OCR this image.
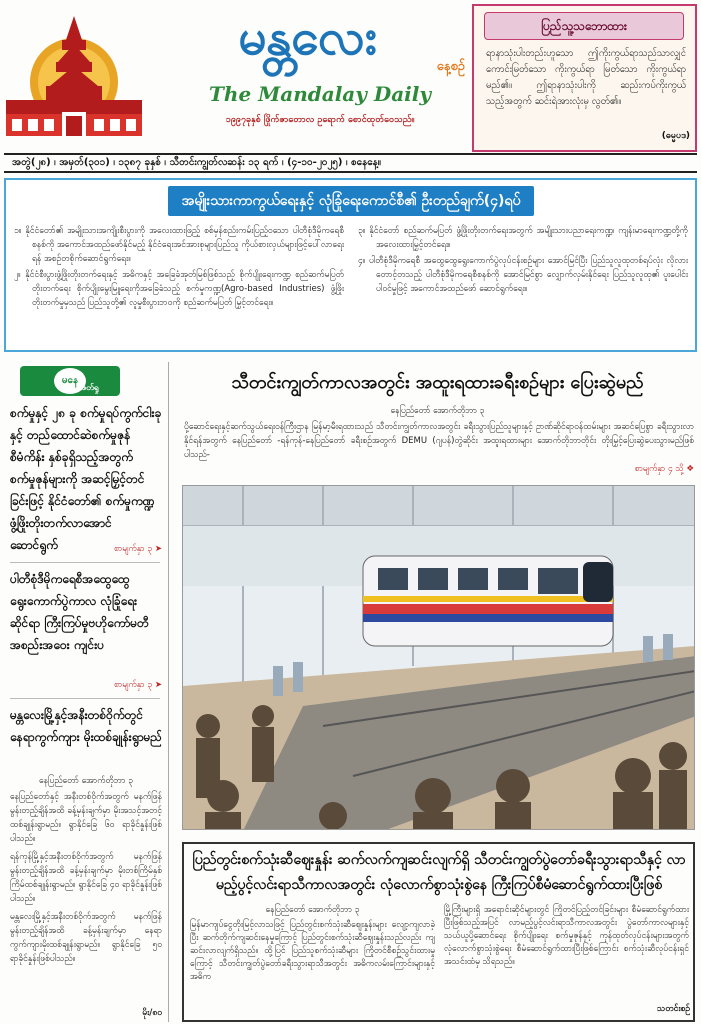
မန္တလေး
နေ့စဉ်
The Mandalay Daily
၁၉၉၇ခုနှစ် ဖြိုက်ဇာတောလ ဥရောက် စောင်ထုတ်ဝေသည်။
ပြည်သူ့သဘောထား
ရာနာသုံးပါးတည်းဟူသော ဤကိုးကွယ်ရာသည်သာလျှင် ကောင်းမြတ်သော ကိုးကွယ်ရာ မြတ်သော ကိုးကွယ်ရာမည်၏။ ဤရာနာသုံးပါးကို ဆည်းကပ်ကိုးကွယ်သည့်အတွက် ဆင်းရဲအားလုံးမှ လွတ်၏။
(ဓမ္မပဒ)
အတွဲ(၂၈) ၊ အမှတ်(၃၀၁) ၊ ၁၃၈၇ ခုနှစ် ၊ သီတင်းကျွတ်လဆန်း ၁၃ ရက် ၊ (၄-၁၀-၂၀၂၅) ၊ စနေနေ့။
အမျိုးသားကာကွယ်ရေးနှင့် လုံခြုံရေးကောင်စီ၏ ဦးတည်ချက်(၄)ရပ်

၁။ နိုင်ငံတော်၏ အမျိုးသားအကျိုးစီးပွားကို အလေးထားဖြည့် စစ်မှန်စည်းကမ်းပြည့်ဝသော ပါတီစုံဒီမိုကရေစီစနစ်ကို အကောင်အထည်ဖော်နိုင်မည့် နိုင်ငံရေးအင်အားစုများပြည်သူ ကိုယ်စားလှယ်များဖြင့်ပေါ်လာရေးရန် အစဉ်တစိုက်ဆောင်ရွက်ရေး။

၂။ နိုင်ငံစီးပွားဖွံ့ဖြိုးတိုးတက်ရေးနှင့် အဓိကနှင့် အခြေခံအုတ်မြစ်ဖြစ်သည့် စိုက်ပျိုးရေးကဏ္ဍ စည်ဆက်မပြတ်တိုးတက်ရေး စိုက်ပျိုးမွေးမြူရေးကိုအခြေခံသည့် စက်မှုကဏ္ဍ(Agro-based Industries) ဖွံ့ဖြိုးတိုးတက်မှုမှသည် ပြည်သူတို့၏ လူမှုစီးပွားဘဝကို စည်ဆက်မပြတ် မြှင့်တင်ရေး။

၃။ နိုင်ငံတော် စည်ဆက်မပြတ် ဖွံ့ဖြိုးတိုးတက်ရေးအတွက် အမျိုးသားပညာရေးကဏ္ဍ၊ ကျန်းမာရေးကဏ္ဍတို့ကို အလေးထားမြှင့်တင်ရေး။

၄။ ပါတီစုံဒီမိုကရေစီ အထွေထွေရွေးကောက်ပွဲလုပ်ငန်းစဉ်များ အောင်မြင်ပြီး ပြည်သူလူထုတစ်ရပ်လုံး လိုလားတောင့်တသည့် ပါတီစုံဒီမိုကရေစီစနစ်ကို အောင်မြင်စွာ လျှောက်လှမ်းနိုင်ရေး ပြည်သူလူထု၏ ပူးပေါင်းပါဝင်မှုဖြင့် အကောင်အထည်ဖော် ဆောင်ရွက်ရေး။

မနေ
ဖတ်ရှု
စက်မှုနှင့် ၂၈ ခု စက်မှုရပ်ကွက်ငါးခုနှင့် တည်ထောင်ဆဲစက်မှုဇုန်စီမံကိန်း နှစ်ခုရှိသည့်အတွက် စက်မှုဇုန်များကို အဆင့်မြှင့်တင်ခြင်းဖြင့် နိုင်ငံတော်၏ စက်မှုကဏ္ဍ ဖွံ့ဖြိုးတိုးတက်လာအောင် ဆောင်ရွက်	စာမျက်နှာ ၃ ➤
ပါတီစုံဒီမိုကရေစီအထွေထွေ ရွေးကောက်ပွဲကာလ လုံခြုံရေးဆိုင်ရာ ကြီးကြပ်မှုဗဟိုကော်မတီ အစည်းအဝေး ကျင်းပ
စာမျက်နှာ ၃ ➤
မန္တလေးမြို့နှင့်အနီးတစ်ဝိုက်တွင် နေရာကွက်ကျား မိုးထစ်ချုန်းရွာမည်
နေပြည်တော် အောက်တိုဘာ ၃

နေပြည်တော်နှင့် အနီးတစ်ဝိုက်အတွက် မနက်ဖြန်မွန်းတည့်ချိန်အထိ ခန့်မှန်းချက်မှာ မိုးအသင့်အတင့်ထစ်ချုန်းရွာမည်။ ရွာနိုင်ခြေ ၆၀ ရာခိုင်နှုန်းဖြစ်ပါသည်။

ရန်ကုန်မြို့နှင့်အနီးတစ်ဝိုက်အတွက် မနက်ဖြန်မွန်းတည့်ချိန်အထိ ခန့်မှန်းချက်မှာ မိုးတစ်ကြိမ်နှစ်ကြိမ်ထစ်ချုန်းရွာမည်။ ရွာနိုင်ခြေ ၄၀ ရာခိုင်နှုန်းဖြစ်ပါသည်။

မန္တလေးမြို့နှင့်အနီးတစ်ဝိုက်အတွက် မနက်ဖြန်မွန်းတည့်ချိန်အထိ ခန့်မှန်းချက်မှာ နေရာကွက်ကျားမိုးထစ်ချုန်းရွာမည်။ ရွာနိုင်ခြေ ၅၀ ရာခိုင်နှုန်းဖြစ်ပါသည်။

မိုး/၈၀
သီတင်းကျွတ်ကာလအတွင်း အထူးရထားခရီးစဉ်များ ပြေးဆွဲမည်
နေပြည်တော် အောက်တိုဘာ ၃
ပို့ဆောင်ရေးနှင့်ဆက်သွယ်ရေးဝန်ကြီးဌာန မြန်မာ့မီးရထားသည် သီတင်းကျွတ်ကာလအတွင်း ခရီးသွားပြည်သူများနှင့် ဥာဏ်ဆိုင်ရာဝန်ထမ်းများ အဆင်ပြေစွာ ခရီးသွားလာနိုင်ရန်အတွက် နေပြည်တော် -ရန်ကုန်-နေပြည်တော် ခရီးစဉ်အတွက် DEMU (ဂျပန်)တွဲဆိုင်း အထူးရထားများ အောက်တိုဘာတိုင်း တိုးမြှင့်ပြေးဆွဲပေးသွားမည်ဖြစ်ပါသည်-
စာမျက်နှာ ၄ သို့ ❖
ပြည်တွင်းစက်သုံးဆီဈေးနှုန်း ဆက်လက်ကျဆင်းလျက်ရှိ သီတင်းကျွတ်ပွဲတော်ခရီးသွားရာသီနှင့် လာမည့်ပွင့်လင်းရာသီကာလအတွင်း လုံလောက်စွာသုံးစွဲနေ ကြီးကြပ်စီမံဆောင်ရွက်ထားပြီးဖြစ်

နေပြည်တော် အောက်တိုဘာ ၃

မြန်မာကျပ်ငွေတိုးမြင့်လာသဖြင့် ပြည်တွင်းစက်သုံးဆီဈေးနှုန်းများ လျော့ကျလာခဲ့ပြီး ဆက်တိုက်ကျဆင်းနေမှုကြောင့် ပြည်တွင်းစက်သုံးဆီဈေးနှုန်းသည်လည်း ကျဆင်းလာလျက်ရှိသည်။ ထို့ပြင် ပြည်သူစက်သုံးဆီများ ကြိုတင်စီစဉ်သွင်းထားမှုကြောင့် သီတင်းကျွတ်ပွဲတော်ခရီးသွားရာသီအတွင်း အဓိကလမ်းကြောင်းများနှင့် အဓိက

မြို့ကြီးများရှိ အရောင်းဆိုင်များတွင် ကြိုတင်ပြည့်တင်ခြင်းများ စီမံဆောင်ရွက်ထားပြီးဖြစ်သည့်အပြင် လာမည့်ပွင့်လင်းရာသီကာလအတွင်း ပွဲတော်ကာလများနှင့် သယ်ယူပို့ဆောင်ရေး စိုက်ပျိုးရေး စက်မှုဇုန်နှင့် ကုန်ထုတ်လုပ်ငန်းများအတွက် လုံလောက်စွာသုံးစွဲရေး စီမံဆောင်ရွက်ထားပြီးဖြစ်ကြောင်း စက်သုံးဆီလုပ်ငန်းရှင်အသင်းထံမှ သိရသည်။

သတင်းစဉ်
